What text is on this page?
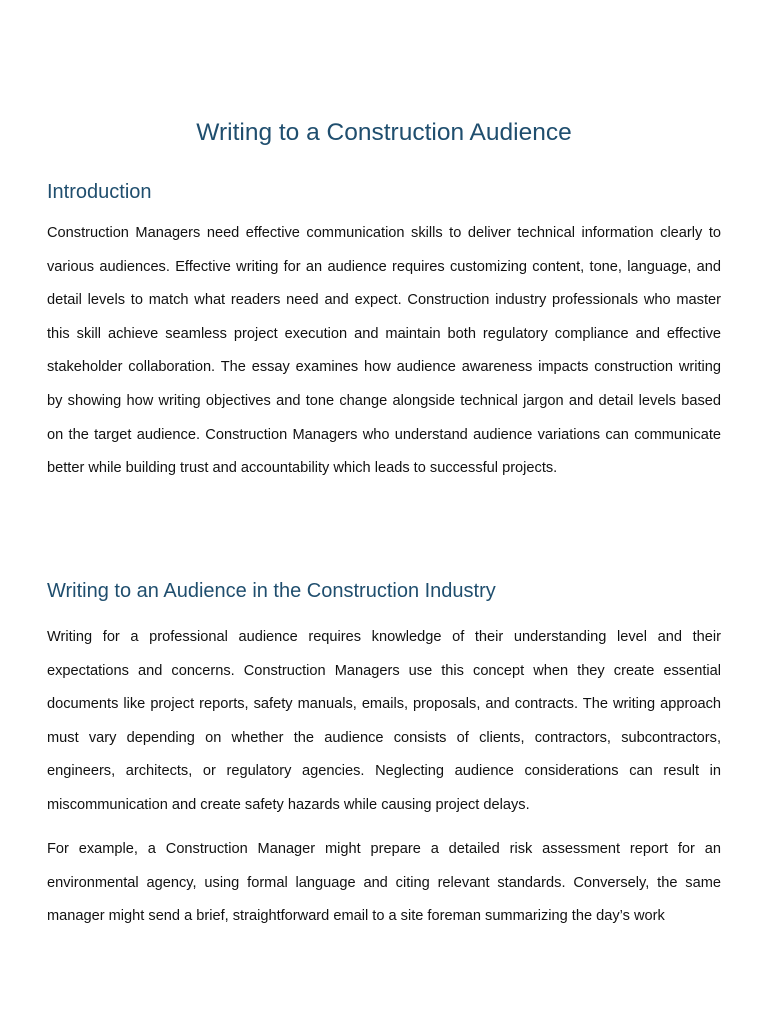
Writing to a Construction Audience
Introduction

Construction Managers need effective communication skills to deliver technical information clearly to various audiences. Effective writing for an audience requires customizing content, tone, language, and detail levels to match what readers need and expect. Construction industry professionals who master this skill achieve seamless project execution and maintain both regulatory compliance and effective stakeholder collaboration. The essay examines how audience awareness impacts construction writing by showing how writing objectives and tone change alongside technical jargon and detail levels based on the target audience. Construction Managers who understand audience variations can communicate better while building trust and accountability which leads to successful projects.

Writing to an Audience in the Construction Industry

Writing for a professional audience requires knowledge of their understanding level and their expectations and concerns. Construction Managers use this concept when they create essential documents like project reports, safety manuals, emails, proposals, and contracts. The writing approach must vary depending on whether the audience consists of clients, contractors, subcontractors, engineers, architects, or regulatory agencies. Neglecting audience considerations can result in miscommunication and create safety hazards while causing project delays.

For example, a Construction Manager might prepare a detailed risk assessment report for an environmental agency, using formal language and citing relevant standards. Conversely, the same manager might send a brief, straightforward email to a site foreman summarizing the day’s work
